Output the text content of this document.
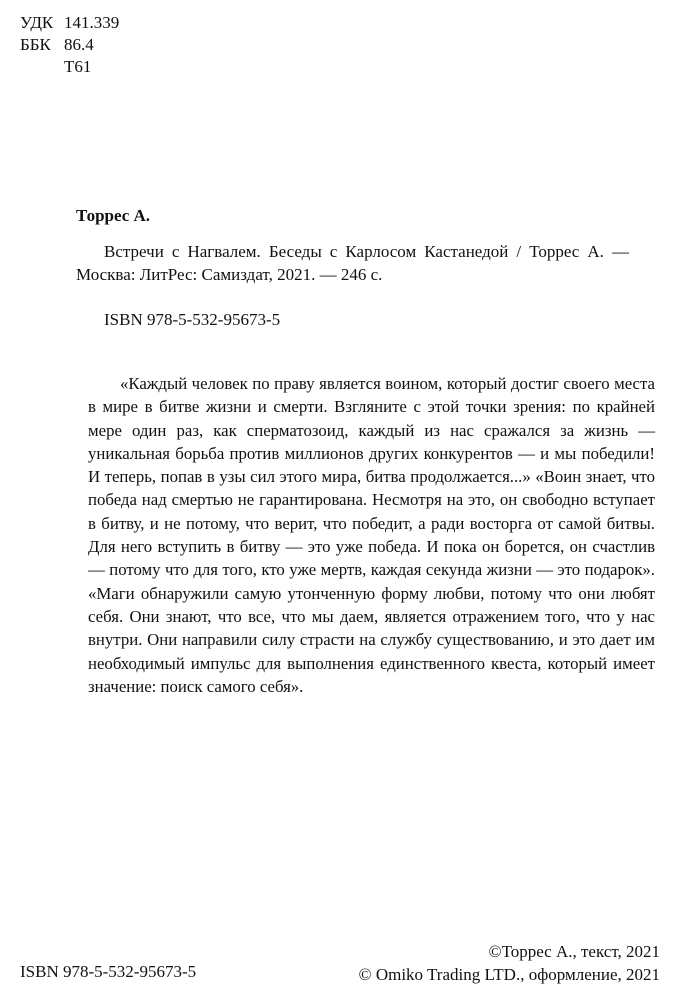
УДК 141.339
ББК 86.4
Т61
Торрес А.
Встречи с Нагвалем. Беседы с Карлосом Кастанедой / Торрес А. — Москва: ЛитРес: Самиздат, 2021. — 246 с.
ISBN 978-5-532-95673-5
«Каждый человек по праву является воином, который достиг своего места в мире в битве жизни и смерти. Взгляните с этой точки зрения: по крайней мере один раз, как сперматозоид, каждый из нас сражался за жизнь — уникальная борьба против миллионов других конкурентов — и мы победили! И теперь, попав в узы сил этого мира, битва продолжается...» «Воин знает, что победа над смертью не гарантирована. Несмотря на это, он свободно вступает в битву, и не потому, что верит, что победит, а ради восторга от самой битвы. Для него вступить в битву — это уже победа. И пока он борется, он счастлив — потому что для того, кто уже мертв, каждая секунда жизни — это подарок». «Маги обнаружили самую утонченную форму любви, потому что они любят себя. Они знают, что все, что мы даем, является отражением того, что у нас внутри. Они направили силу страсти на службу существованию, и это дает им необходимый импульс для выполнения единственного квеста, который имеет значение: поиск самого себя».
ISBN 978-5-532-95673-5
©Торрес А., текст, 2021
© Omiko Trading LTD., оформление, 2021
